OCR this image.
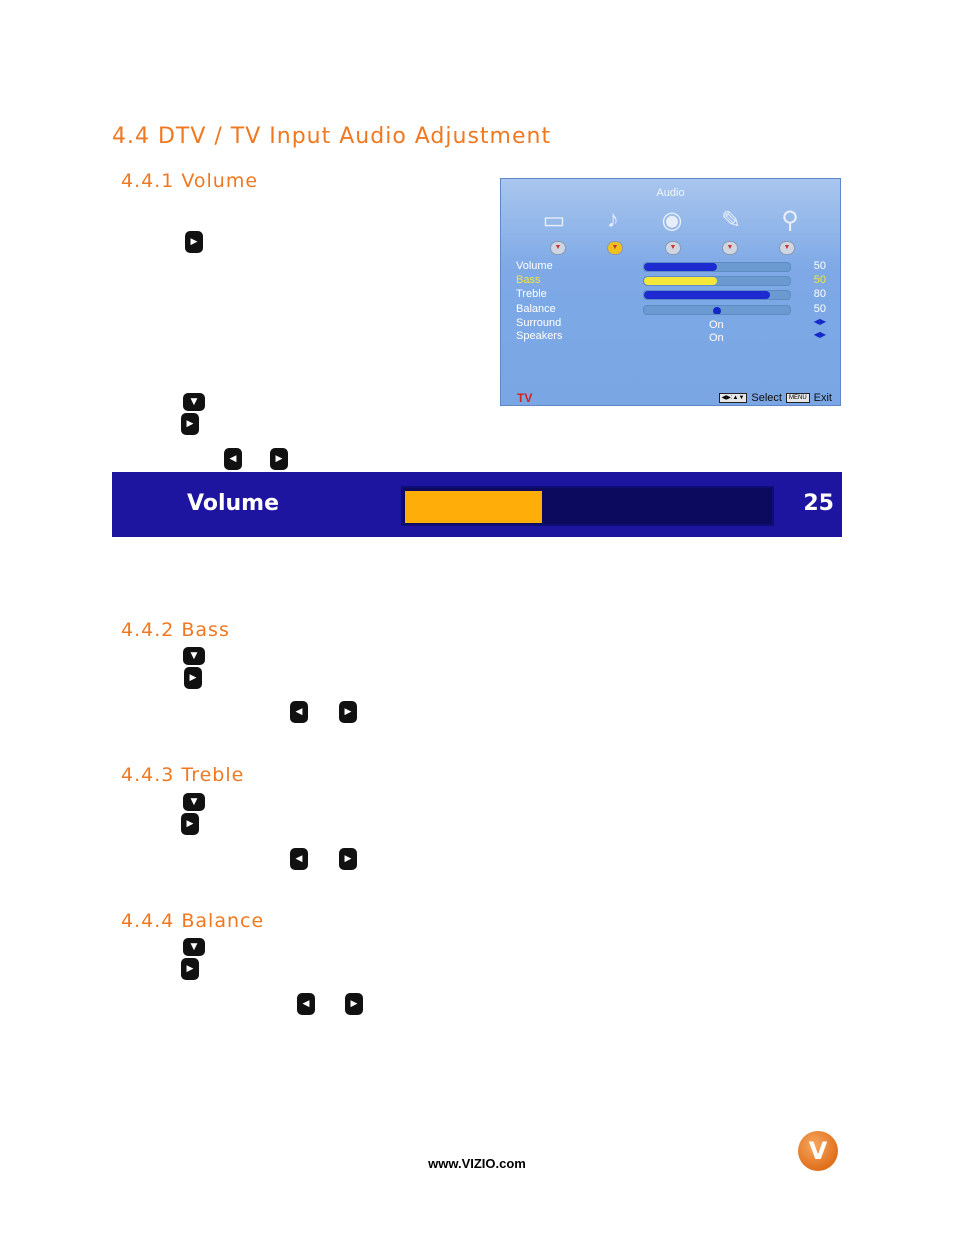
4.4 DTV / TV Input Audio Adjustment
4.4.1 Volume
4.4.2 Bass
4.4.3 Treble
4.4.4 Balance
▶
▼
▶
◀	▶
▼
▶
◀	▶
▼
▶
◀	▶
▼
▶
◀	▶
Audio
▭	♪	◉ ✎	⚲
▼	▼	▼	▼	▼
Volume	50
Bass	50
Treble	80
Balance	50
Surround	On	◀▶
Speakers	On	◀▶
TV	◀▶:▲▼ Select	MENU Exit
Volume	25
www.VIZIO.com	V
